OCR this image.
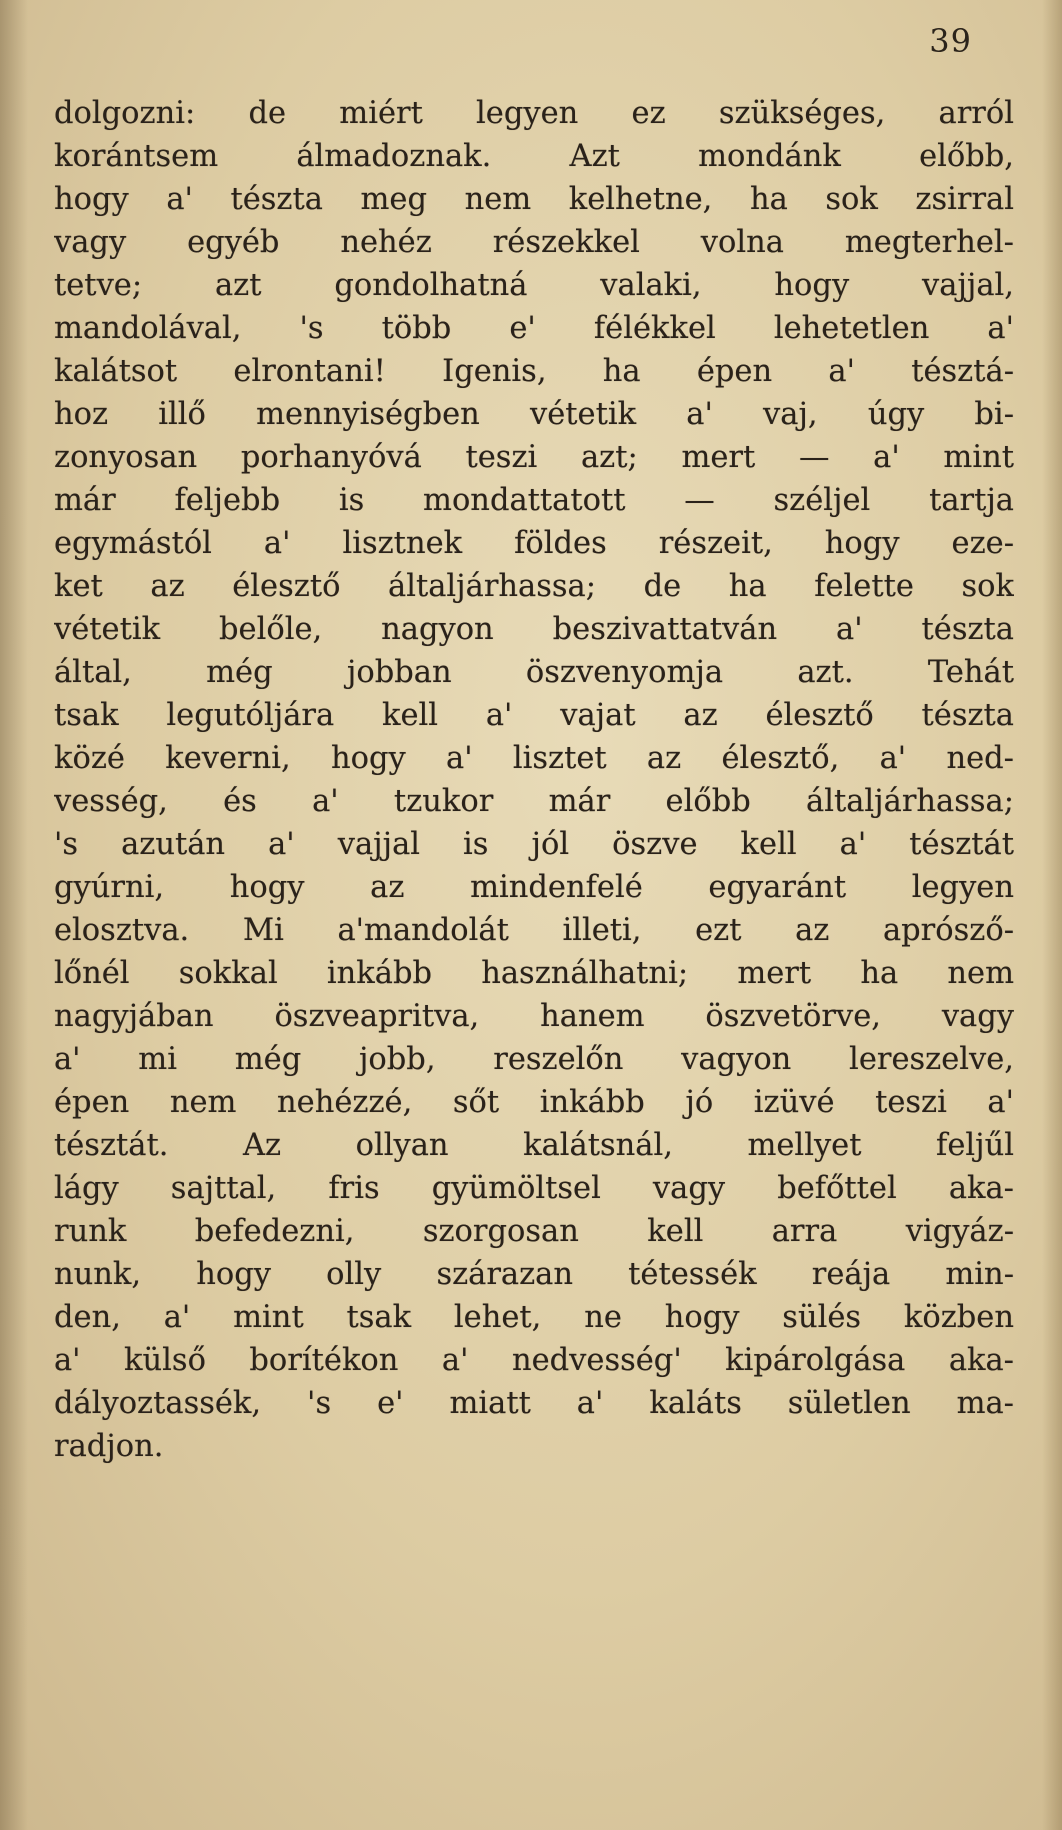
39
dolgozni: de miért legyen ez szükséges, arról
korántsem álmadoznak. Azt mondánk előbb,
hogy a' tészta meg nem kelhetne, ha sok zsirral
vagy egyéb nehéz részekkel volna megterhel-
tetve; azt gondolhatná valaki, hogy vajjal,
mandolával, 's több e' félékkel lehetetlen a'
kalátsot elrontani! Igenis, ha épen a' tésztá-
hoz illő mennyiségben vétetik a' vaj, úgy bi-
zonyosan porhanyóvá teszi azt; mert — a' mint
már feljebb is mondattatott — széljel tartja
egymástól a' lisztnek földes részeit, hogy eze-
ket az élesztő általjárhassa; de ha felette sok
vétetik belőle, nagyon beszivattatván a' tészta
által, még jobban öszvenyomja azt. Tehát
tsak legutóljára kell a' vajat az élesztő tészta
közé keverni, hogy a' lisztet az élesztő, a' ned-
vesség, és a' tzukor már előbb általjárhassa;
's azután a' vajjal is jól öszve kell a' tésztát
gyúrni, hogy az mindenfelé egyaránt legyen
elosztva. Mi a'mandolát illeti, ezt az aprósző-
lőnél sokkal inkább használhatni; mert ha nem
nagyjában öszveapritva, hanem öszvetörve, vagy
a' mi még jobb, reszelőn vagyon lereszelve,
épen nem nehézzé, sőt inkább jó izüvé teszi a'
tésztát. Az ollyan kalátsnál, mellyet feljűl
lágy sajttal, fris gyümöltsel vagy befőttel aka-
runk befedezni, szorgosan kell arra vigyáz-
nunk, hogy olly szárazan tétessék reája min-
den, a' mint tsak lehet, ne hogy sülés közben
a' külső borítékon a' nedvesség' kipárolgása aka-
dályoztassék, 's e' miatt a' kaláts sületlen ma-
radjon.
